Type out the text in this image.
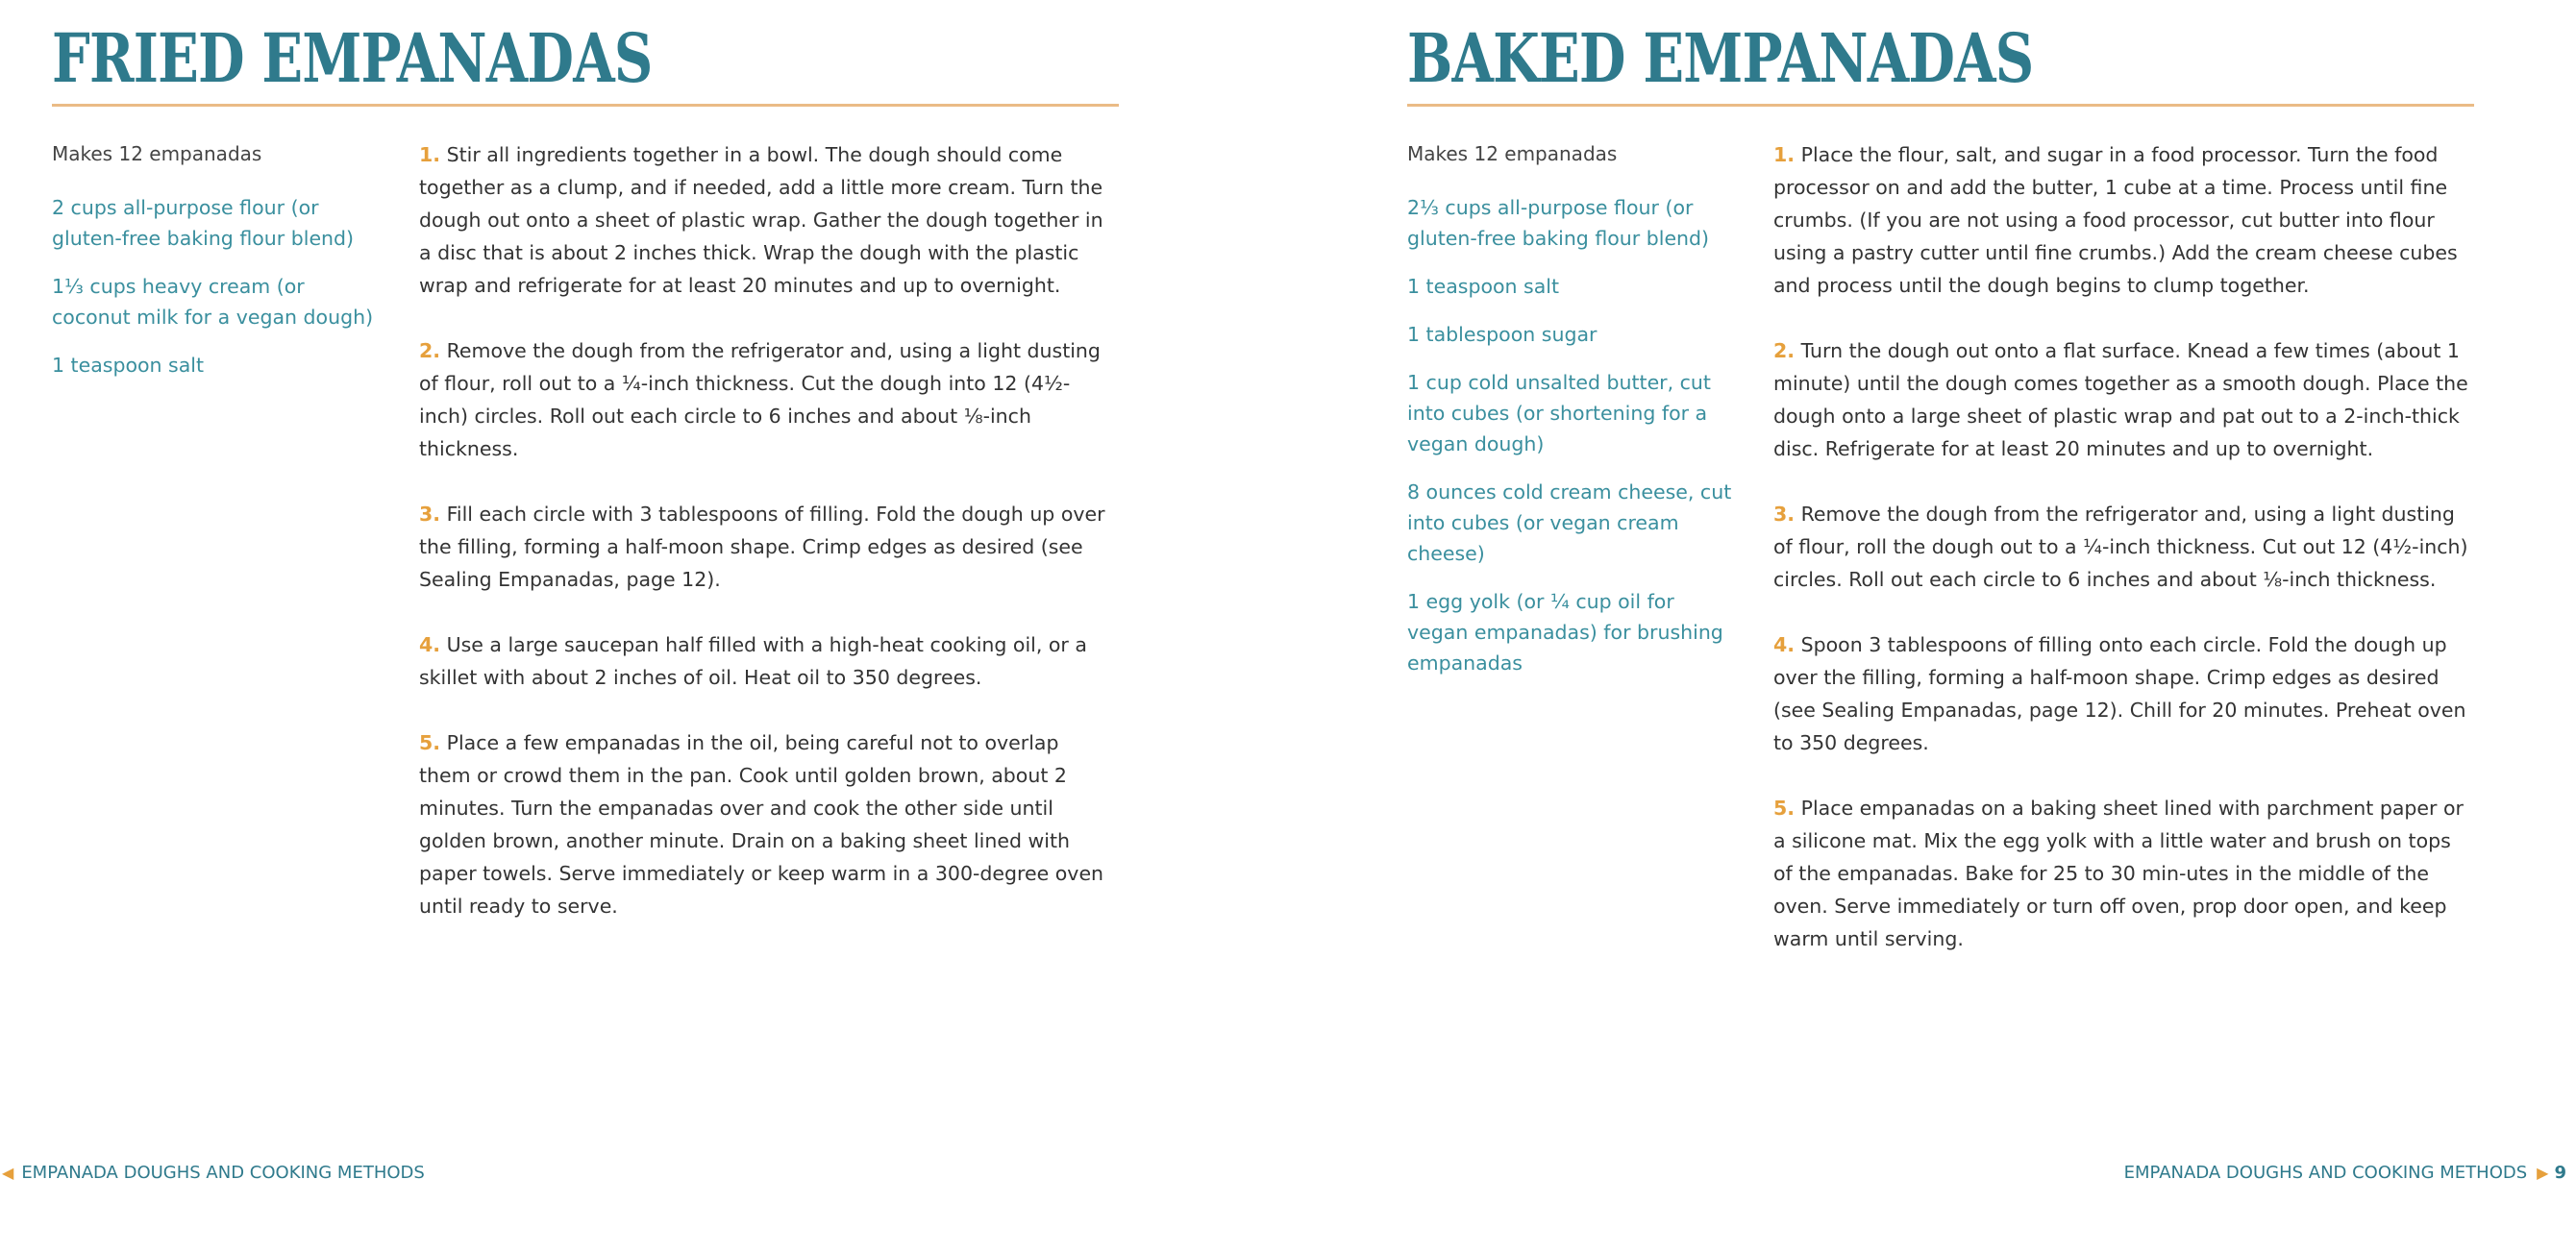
FRIED EMPANADAS

Makes 12 empanadas

2 cups all-purpose flour (or gluten-free baking flour blend)
1⅓ cups heavy cream (or coconut milk for a vegan dough)
1 teaspoon salt
1. Stir all ingredients together in a bowl. The dough should come together as a clump, and if needed, add a little more cream. Turn the dough out onto a sheet of plastic wrap. Gather the dough together in a disc that is about 2 inches thick. Wrap the dough with the plastic wrap and refrigerate for at least 20 minutes and up to overnight.
2. Remove the dough from the refrigerator and, using a light dusting of flour, roll out to a ¼-inch thickness. Cut the dough into 12 (4½-inch) circles. Roll out each circle to 6 inches and about ⅛-inch thickness.
3. Fill each circle with 3 tablespoons of filling. Fold the dough up over the filling, forming a half-moon shape. Crimp edges as desired (see Sealing Empanadas, page 12).
4. Use a large saucepan half filled with a high-heat cooking oil, or a skillet with about 2 inches of oil. Heat oil to 350 degrees.
5. Place a few empanadas in the oil, being careful not to overlap them or crowd them in the pan. Cook until golden brown, about 2 minutes. Turn the empanadas over and cook the other side until golden brown, another minute. Drain on a baking sheet lined with paper towels. Serve immediately or keep warm in a 300-degree oven until ready to serve.
◀ EMPANADA DOUGHS AND COOKING METHODS
BAKED EMPANADAS

Makes 12 empanadas

2⅓ cups all-purpose flour (or gluten-free baking flour blend)
1 teaspoon salt
1 tablespoon sugar
1 cup cold unsalted butter, cut into cubes (or shortening for a vegan dough)
8 ounces cold cream cheese, cut into cubes (or vegan cream cheese)
1 egg yolk (or ¼ cup oil for vegan empanadas) for brushing empanadas
1. Place the flour, salt, and sugar in a food processor. Turn the food processor on and add the butter, 1 cube at a time. Process until fine crumbs. (If you are not using a food processor, cut butter into flour using a pastry cutter until fine crumbs.) Add the cream cheese cubes and process until the dough begins to clump together.
2. Turn the dough out onto a flat surface. Knead a few times (about 1 minute) until the dough comes together as a smooth dough. Place the dough onto a large sheet of plastic wrap and pat out to a 2-inch-thick disc. Refrigerate for at least 20 minutes and up to overnight.
3. Remove the dough from the refrigerator and, using a light dusting of flour, roll the dough out to a ¼-inch thickness. Cut out 12 (4½-inch) circles. Roll out each circle to 6 inches and about ⅛-inch thickness.
4. Spoon 3 tablespoons of filling onto each circle. Fold the dough up over the filling, forming a half-moon shape. Crimp edges as desired (see Sealing Empanadas, page 12). Chill for 20 minutes. Preheat oven to 350 degrees.
5. Place empanadas on a baking sheet lined with parchment paper or a silicone mat. Mix the egg yolk with a little water and brush on tops of the empanadas. Bake for 25 to 30 min-utes in the middle of the oven. Serve immediately or turn off oven, prop door open, and keep warm until serving.
EMPANADA DOUGHS AND COOKING METHODS ▶ 9
